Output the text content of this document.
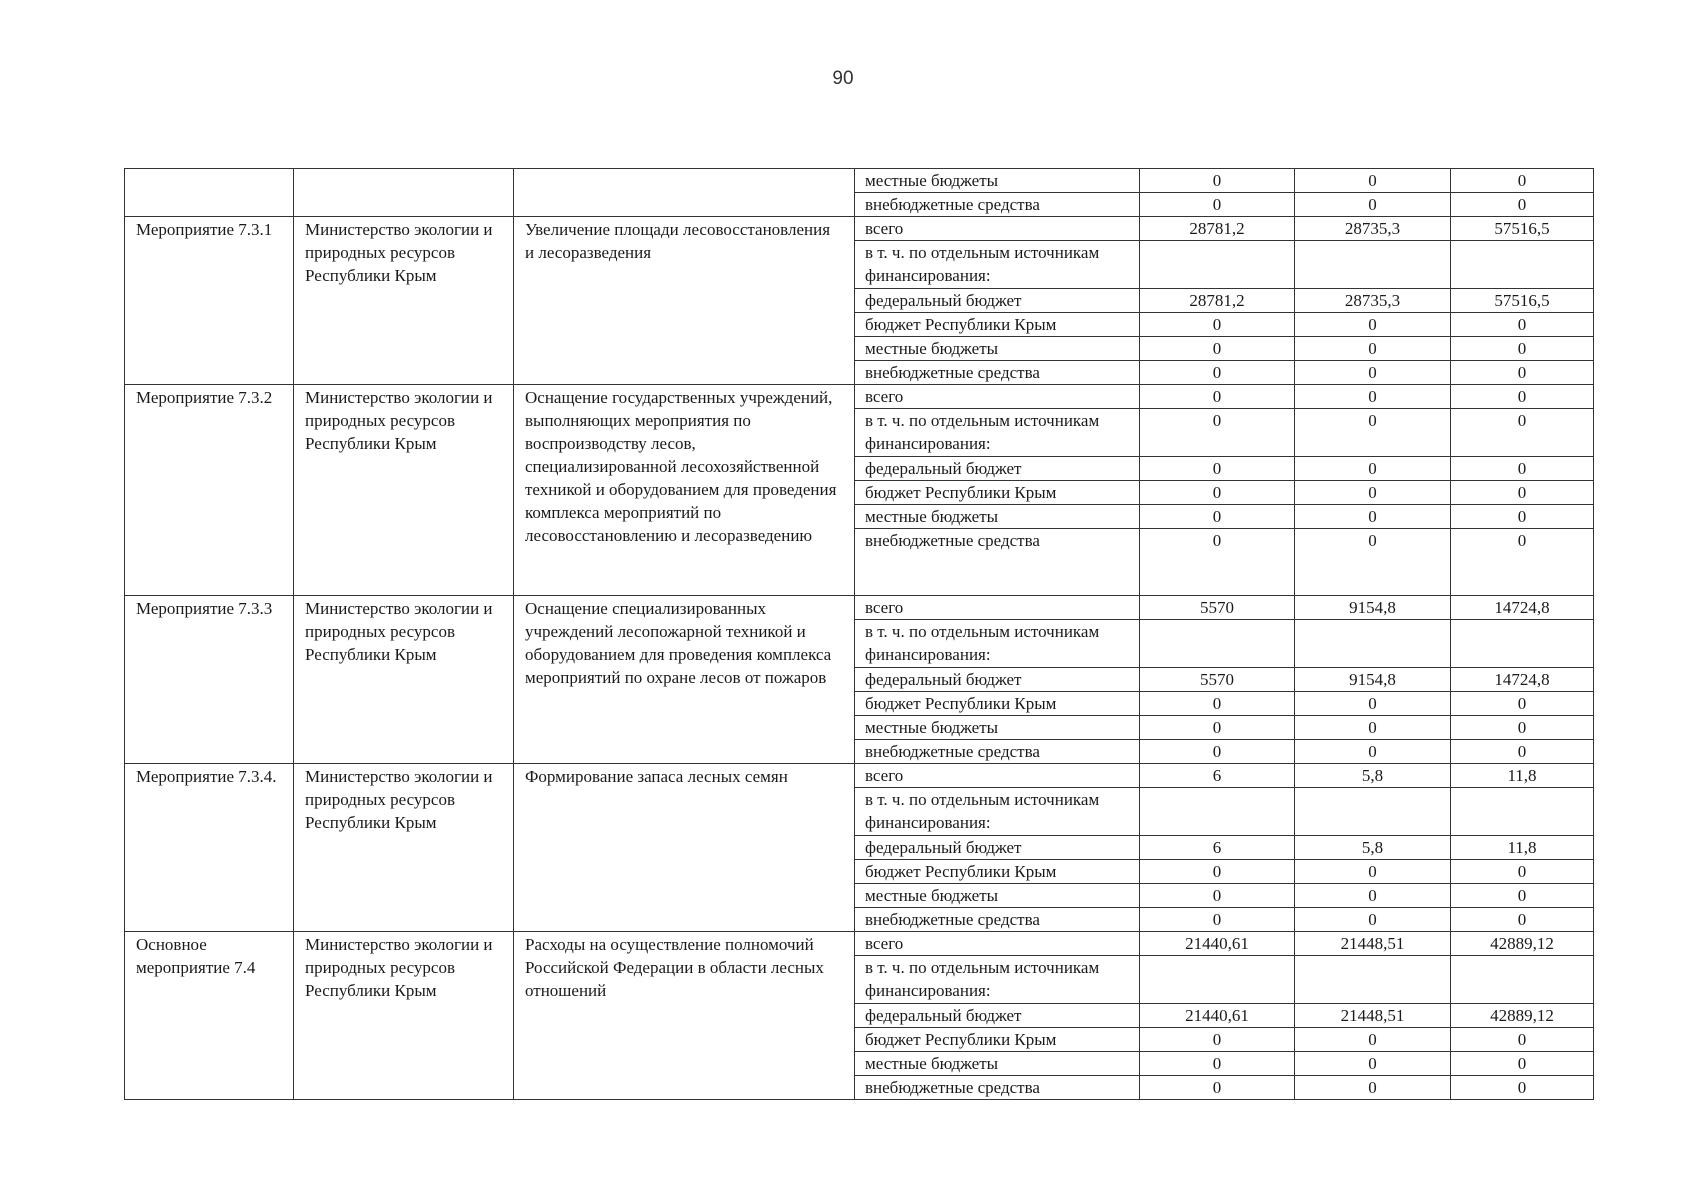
90
			местные бюджеты	0	0	0
			внебюджетные средства	0	0	0
Мероприятие 7.3.1	Министерство экологии и природных ресурсов Республики Крым	Увеличение площади лесовосстановления и лесоразведения	всего	28781,2	28735,3	57516,5
			в т. ч. по отдельным источникам финансирования:			
			федеральный бюджет	28781,2	28735,3	57516,5
			бюджет Республики Крым	0	0	0
			местные бюджеты	0	0	0
			внебюджетные средства	0	0	0
Мероприятие 7.3.2	Министерство экологии и природных ресурсов Республики Крым	Оснащение государственных учреждений, выполняющих мероприятия по воспроизводству лесов, специализированной лесохозяйственной техникой и оборудованием для проведения комплекса мероприятий по лесовосстановлению и лесоразведению	всего	0	0	0
			в т. ч. по отдельным источникам финансирования:	0	0	0
			федеральный бюджет	0	0	0
			бюджет Республики Крым	0	0	0
			местные бюджеты	0	0	0
			внебюджетные средства	0	0	0
Мероприятие 7.3.3	Министерство экологии и природных ресурсов Республики Крым	Оснащение специализированных учреждений лесопожарной техникой и оборудованием для проведения комплекса мероприятий по охране лесов от пожаров	всего	5570	9154,8	14724,8
			в т. ч. по отдельным источникам финансирования:			
			федеральный бюджет	5570	9154,8	14724,8
			бюджет Республики Крым	0	0	0
			местные бюджеты	0	0	0
			внебюджетные средства	0	0	0
Мероприятие 7.3.4.	Министерство экологии и природных ресурсов Республики Крым	Формирование запаса лесных семян	всего	6	5,8	11,8
			в т. ч. по отдельным источникам финансирования:			
			федеральный бюджет	6	5,8	11,8
			бюджет Республики Крым	0	0	0
			местные бюджеты	0	0	0
			внебюджетные средства	0	0	0
Основное мероприятие 7.4	Министерство экологии и природных ресурсов Республики Крым	Расходы на осуществление полномочий Российской Федерации в области лесных отношений	всего	21440,61	21448,51	42889,12
			в т. ч. по отдельным источникам финансирования:			
			федеральный бюджет	21440,61	21448,51	42889,12
			бюджет Республики Крым	0	0	0
			местные бюджеты	0	0	0
			внебюджетные средства	0	0	0
